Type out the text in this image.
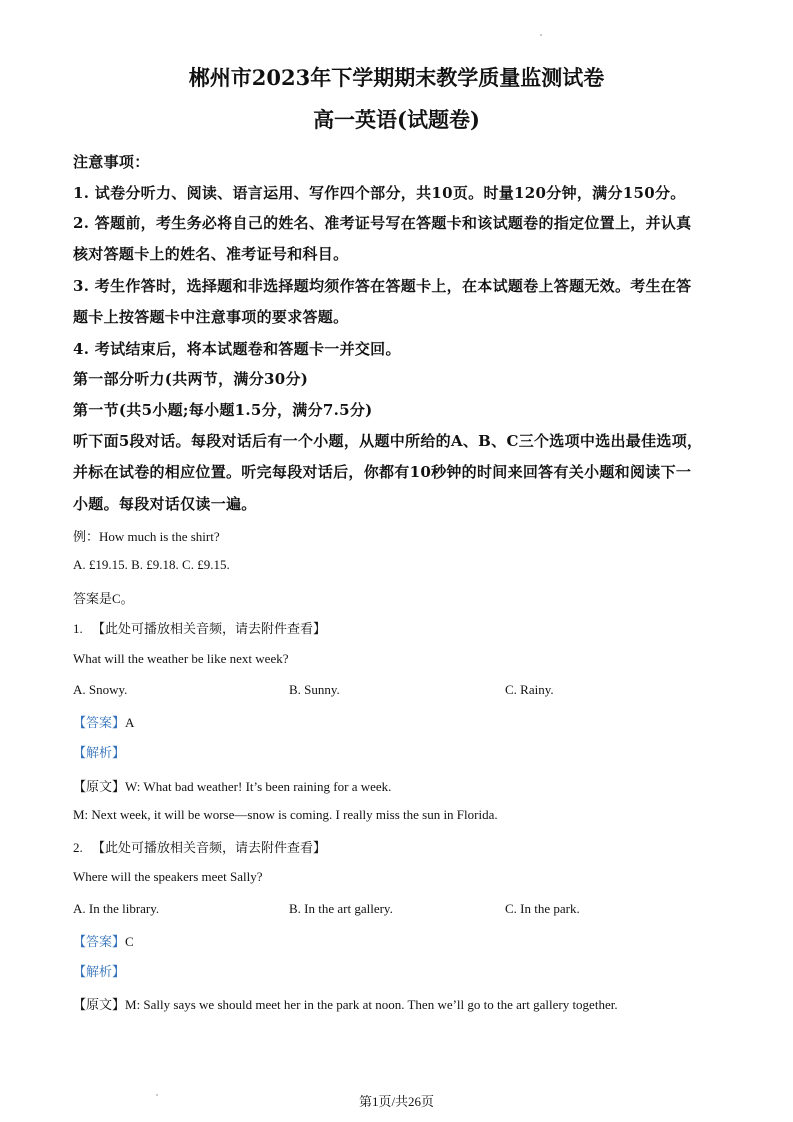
郴州市2023年下学期期末教学质量监测试卷
高一英语(试题卷)
注意事项：
1. 试卷分听力、阅读、语言运用、写作四个部分，共10页。时量120分钟，满分150分。
2. 答题前，考生务必将自己的姓名、准考证号写在答题卡和该试题卷的指定位置上，并认真
核对答题卡上的姓名、准考证号和科目。
3. 考生作答时，选择题和非选择题均须作答在答题卡上，在本试题卷上答题无效。考生在答
题卡上按答题卡中注意事项的要求答题。
4. 考试结束后，将本试题卷和答题卡一并交回。
第一部分听力(共两节，满分30分)
第一节(共5小题;每小题1.5分，满分7.5分)
听下面5段对话。每段对话后有一个小题，从题中所给的A、B、C三个选项中选出最佳选项，
并标在试卷的相应位置。听完每段对话后，你都有10秒钟的时间来回答有关小题和阅读下一
小题。每段对话仅读一遍。
例：How much is the shirt?
A. £19.15. B. £9.18. C. £9.15.
答案是C。
1. 【此处可播放相关音频，请去附件查看】
What will the weather be like next week?
A. Snowy.	B. Sunny.	C. Rainy.
【答案】A
【解析】
【原文】W: What bad weather! It’s been raining for a week.
M: Next week, it will be worse—snow is coming. I really miss the sun in Florida.
2. 【此处可播放相关音频，请去附件查看】
Where will the speakers meet Sally?
A. In the library.	B. In the art gallery.	C. In the park.
【答案】C
【解析】
【原文】M: Sally says we should meet her in the park at noon. Then we’ll go to the art gallery together.
第1页/共26页
